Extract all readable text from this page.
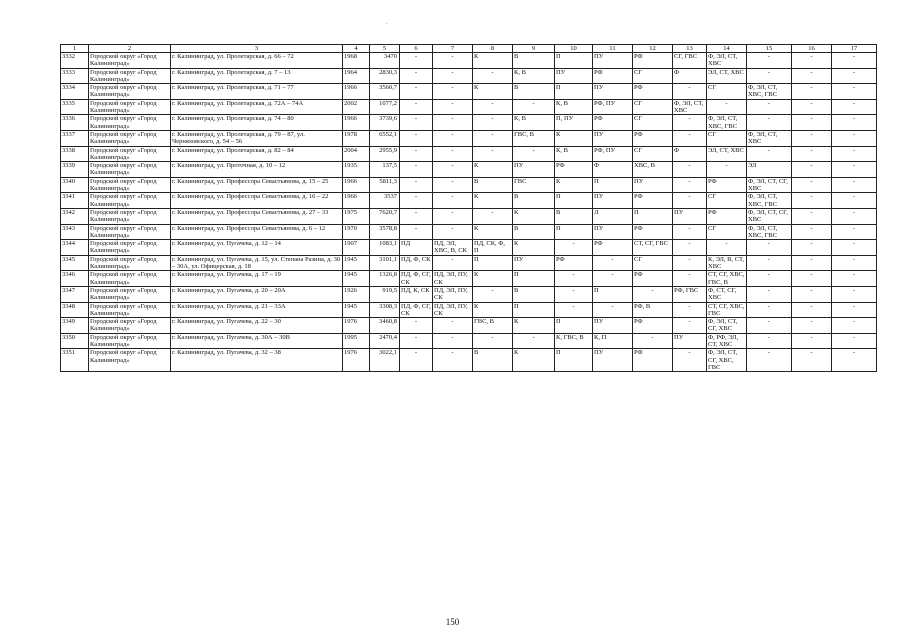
.
1	2	3	4	5	6	7	8	9	10	11	12	13	14	15	16	17
3332	Городской округ «Город Калининград»	г. Калининград, ул. Пролетарская, д. 66 – 72	1968	3470	-	-	К	В	П	ПУ	РФ	СГ, ГВС	Ф, ЭЛ, СТ, ХВС	-	-	-
3333	Городской округ «Город Калининград»	г. Калининград, ул. Пролетарская, д. 7 – 13	1964	2830,3	-	-	-	К, В	ПУ	РФ	СГ	Ф	ЭЛ, СТ, ХВС	-	-	-
3334	Городской округ «Город Калининград»	г. Калининград, ул. Пролетарская, д. 71 – 77	1966	3560,7	-	-	К	В	П	ПУ	РФ	-	СГ	Ф, ЭЛ, СТ, ХВС, ГВС	-	-
3335	Городской округ «Город Калининград»	г. Калининград, ул. Пролетарская, д. 72А – 74А	2002	1077,2	-	-	-	-	К, В	РФ, ПУ	СГ	Ф, ЭЛ, СТ, ХВС	-	-	-	-
3336	Городской округ «Город Калининград»	г. Калининград, ул. Пролетарская, д. 74 – 80	1966	3739,6	-	-	-	К, В	П, ПУ	РФ	СГ	-	Ф, ЭЛ, СТ, ХВС, ГВС	-	-	-
3337	Городской округ «Город Калининград»	г. Калининград, ул. Пролетарская, д. 79 – 87, ул. Черняховского, д. 54 – 56	1978	6552,1	-	-	-	ГВС, В	К	ПУ	РФ	-	СГ	Ф, ЭЛ, СТ, ХВС	-	-
3338	Городской округ «Город Калининград»	г. Калининград, ул. Пролетарская, д. 82 – 84	2004	2955,9	-	-	-	-	К, В	РФ, ПУ	СГ	Ф	ЭЛ, СТ, ХВС	-	-	-
3339	Городской округ «Город Калининград»	г. Калининград, ул. Проточная, д. 10 – 12	1935	137,5	-	-	К	ПУ	РФ	Ф	ХВС, В	-	-	ЭЛ	-	-
3340	Городской округ «Город Калининград»	г. Калининград, ул. Профессора Севастьянова, д. 15 – 25	1966	5811,3	-	-	В	ГВС	К	П	ПУ	-	РФ	Ф, ЭЛ, СТ, СГ, ХВС	-	-
3341	Городской округ «Город Калининград»	г. Калининград, ул. Профессора Севастьянова, д. 16 – 22	1966	3537	-	-	К	В	П	ПУ	РФ	-	СГ	Ф, ЭЛ, СТ, ХВС, ГВС	-	-
3342	Городской округ «Город Калининград»	г. Калининград, ул. Профессора Севастьянова, д. 27 – 33	1975	7620,7	-	-	-	К	В	Л	П	ПУ	РФ	Ф, ЭЛ, СТ, СГ, ХВС	-	-
3343	Городской округ «Город Калининград»	г. Калининград, ул. Профессора Севастьянова, д. 6 – 12	1970	3578,8	-	-	К	В	П	ПУ	РФ	-	СГ	Ф, ЭЛ, СТ, ХВС, ГВС	-	-
3344	Городской округ «Город Калининград»	г. Калининград, ул. Пугачева, д. 12 – 14	1907	1083,1	ПД	ПД, ЭЛ, ХВС, В, СК	ПД, СК, Ф, П	К	-	РФ	СТ, СГ, ГВС	-	-	-	-	-
3345	Городской округ «Город Калининград»	г. Калининград, ул. Пугачева, д. 15, ул. Степана Разина, д. 30 – 30А, ул. Офицерская, д. 18	1945	3101,1	ПД, Ф, СК	-	П	ПУ	РФ	-	СГ	-	К, ЭЛ, В, СТ, ХВС	-	-	-
3346	Городской округ «Город Калининград»	г. Калининград, ул. Пугачева, д. 17 – 19	1945	1326,8	ПД, Ф, СГ, СК	ПД, ЭЛ, ПУ, СК	К	П	-	-	РФ	-	СТ, СГ, ХВС, ГВС, В	-	-	-
3347	Городской округ «Город Калининград»	г. Калининград, ул. Пугачева, д. 20 – 20А	1926	919,5	ПД, К, СК	ПД, ЭЛ, ПУ, СК	-	В	-	П	-	РФ, ГВС	Ф, СТ, СГ, ХВС	-	-	-
3348	Городской округ «Город Калининград»	г. Калининград, ул. Пугачева, д. 21 – 33А	1945	3308,3	ПД, Ф, СГ, СК	ПД, ЭЛ, ПУ, СК	К	П	-	-	РФ, В	-	СТ, СГ, ХВС, ГВС	-	-	-
3349	Городской округ «Город Калининград»	г. Калининград, ул. Пугачева, д. 22 – 30	1976	3460,8	-	-	ГВС, В	К	П	ПУ	РФ	-	Ф, ЭЛ, СТ, СГ, ХВС	-	-	-
3350	Городской округ «Город Калининград»	г. Калининград, ул. Пугачева, д. 30А – 30В	1995	2470,4	-	-	-	-	К, ГВС, В	К, П	-	ПУ	Ф, РФ, ЭЛ, СТ, ХВС	-	-	-
3351	Городской округ «Город Калининград»	г. Калининград, ул. Пугачева, д. 32 – 38	1976	3022,1	-	-	В	К	П	ПУ	РФ	-	Ф, ЭЛ, СТ, СГ, ХВС, ГВС	-	-	-
150
